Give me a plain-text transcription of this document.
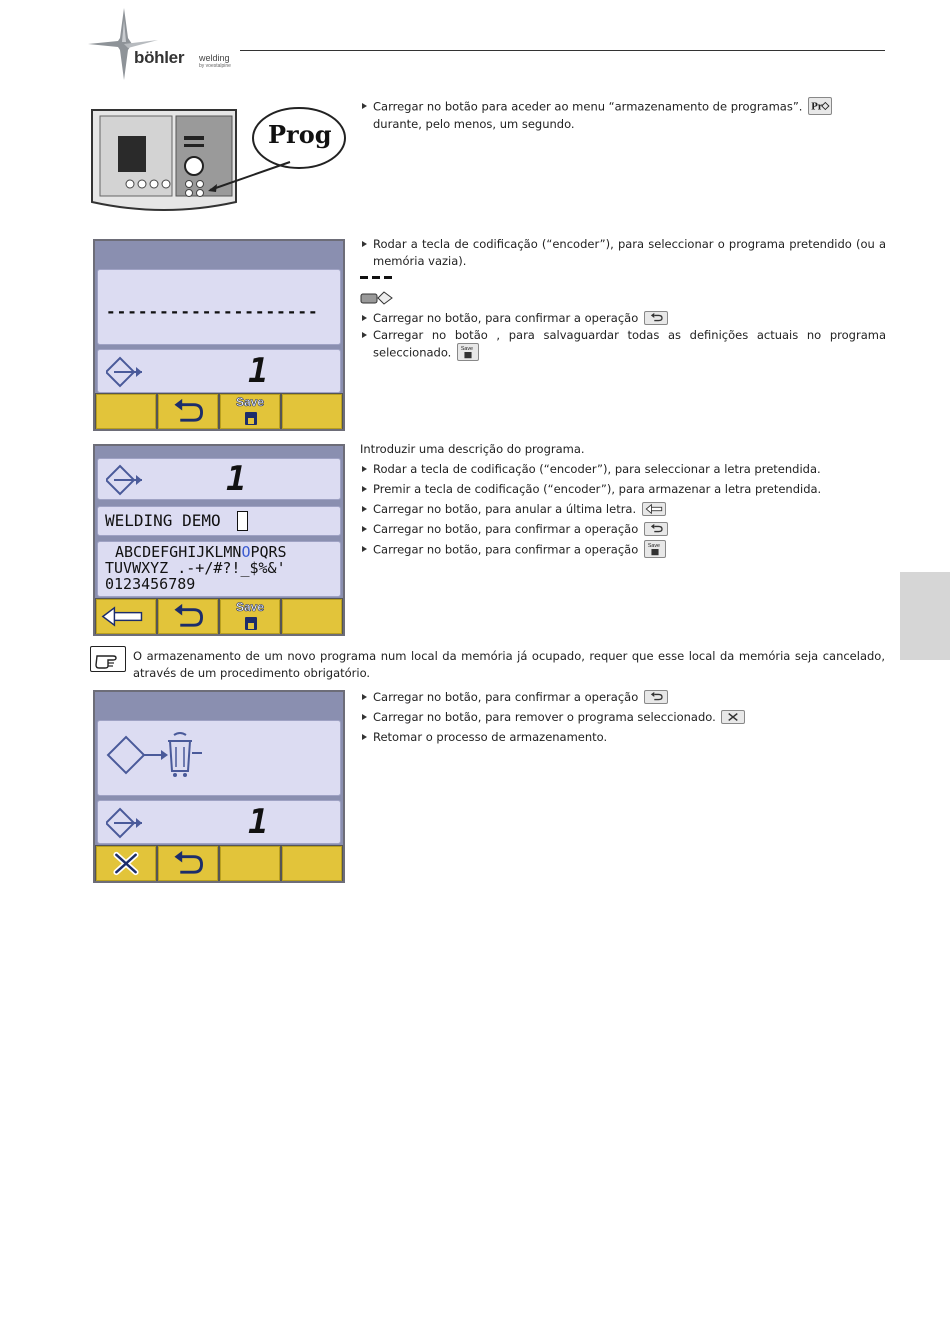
böhler welding
by voestalpine
Prog
Carregar no botão para aceder ao menu “armazenamento de programas”. Pr

durante, pelo menos, um segundo.
--------------------
1
Save
Rodar a tecla de codificação (“encoder”), para seleccionar o programa pretendido (ou a memória vazia).
Carregar no botão, para confirmar a operação
Carregar no botão , para salvaguardar todas as definições actuais no programa seleccionado. Save
1
WELDING DEMO
ABCDEFGHIJKLMNOPQRS
TUVWXYZ .-+/#?!_$%&'
0123456789
Save
Introduzir uma descrição do programa.
Rodar a tecla de codificação (“encoder”), para seleccionar a letra pretendida.
Premir a tecla de codificação (“encoder”), para armazenar a letra pretendida.
Carregar no botão, para anular a última letra.
Carregar no botão, para confirmar a operação
Carregar no botão, para confirmar a operação Save
O armazenamento de um novo programa num local da memória já ocupado, requer que esse local da memória seja cancelado, através de um procedimento obrigatório.
1
Carregar no botão, para confirmar a operação
Carregar no botão, para remover o programa seleccionado.
Retomar o processo de armazenamento.
